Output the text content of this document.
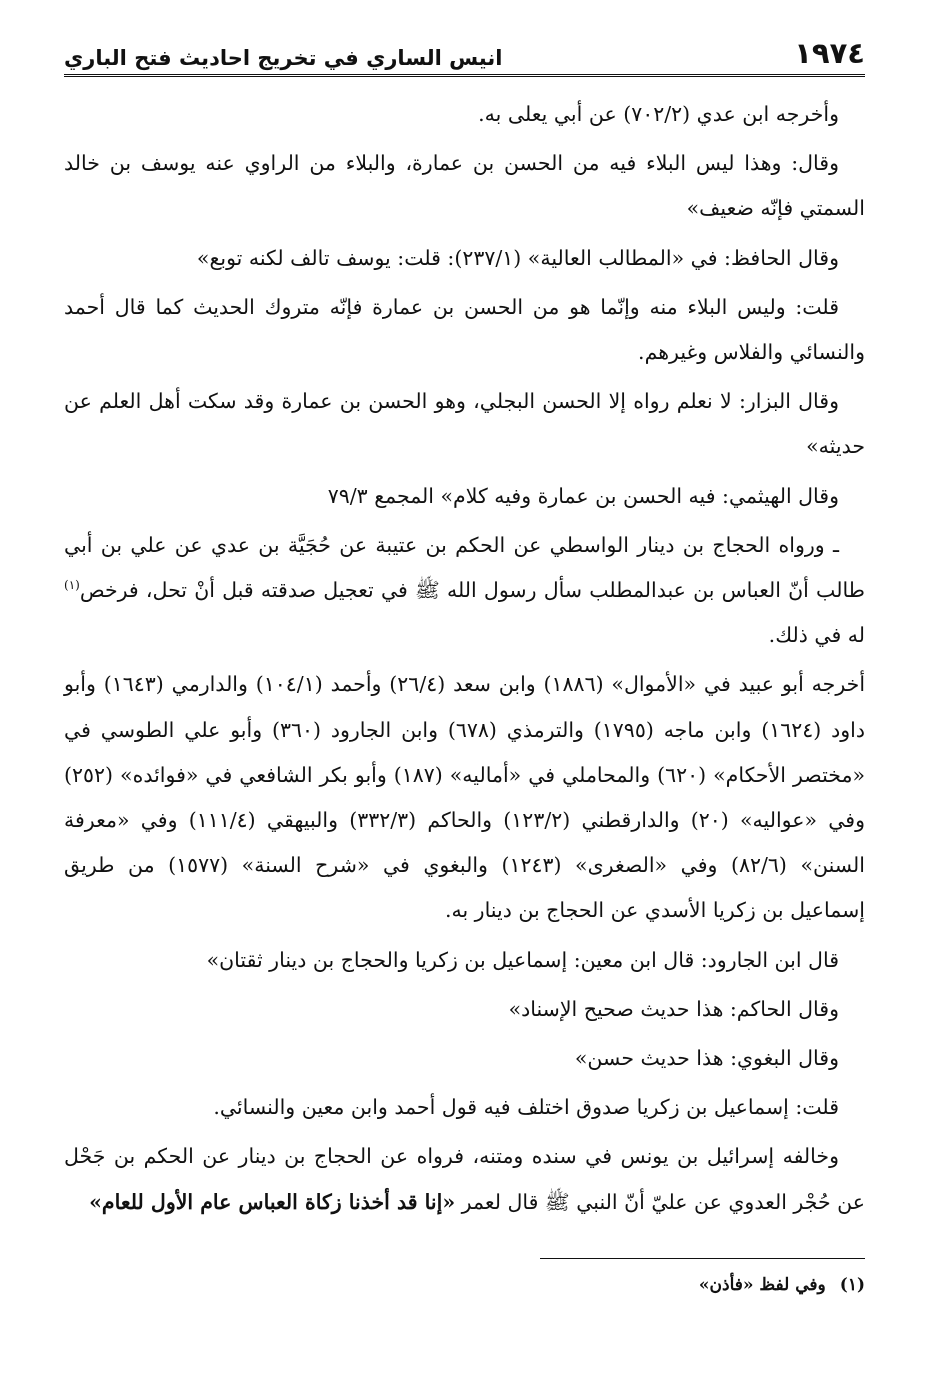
١٩٧٤
انيس الساري في تخريج احاديث فتح الباري

وأخرجه ابن عدي (٧٠٢/٢) عن أبي يعلى به.

وقال: وهذا ليس البلاء فيه من الحسن بن عمارة، والبلاء من الراوي عنه يوسف بن خالد السمتي فإنّه ضعيف»

وقال الحافظ: في «المطالب العالية» (٢٣٧/١): قلت: يوسف تالف لكنه توبع»

قلت: وليس البلاء منه وإنّما هو من الحسن بن عمارة فإنّه متروك الحديث كما قال أحمد والنسائي والفلاس وغيرهم.

وقال البزار: لا نعلم رواه إلا الحسن البجلي، وهو الحسن بن عمارة وقد سكت أهل العلم عن حديثه»

وقال الهيثمي: فيه الحسن بن عمارة وفيه كلام» المجمع ٧٩/٣

ـ ورواه الحجاج بن دينار الواسطي عن الحكم بن عتيبة عن حُجَيَّة بن عدي عن علي بن أبي طالب أنّ العباس بن عبدالمطلب سأل رسول الله ﷺ في تعجيل صدقته قبل أنْ تحل، فرخص$^{(١)}$ له في ذلك.

أخرجه أبو عبيد في «الأموال» (١٨٨٦) وابن سعد (٢٦/٤) وأحمد (١٠٤/١) والدارمي (١٦٤٣) وأبو داود (١٦٢٤) وابن ماجه (١٧٩٥) والترمذي (٦٧٨) وابن الجارود (٣٦٠) وأبو علي الطوسي في «مختصر الأحكام» (٦٢٠) والمحاملي في «أماليه» (١٨٧) وأبو بكر الشافعي في «فوائده» (٢٥٢) وفي «عواليه» (٢٠) والدارقطني (١٢٣/٢) والحاكم (٣٣٢/٣) والبيهقي (١١١/٤) وفي «معرفة السنن» (٨٢/٦) وفي «الصغرى» (١٢٤٣) والبغوي في «شرح السنة» (١٥٧٧) من طريق إسماعيل بن زكريا الأسدي عن الحجاج بن دينار به.

قال ابن الجارود: قال ابن معين: إسماعيل بن زكريا والحجاج بن دينار ثقتان»

وقال الحاكم: هذا حديث صحيح الإسناد»

وقال البغوي: هذا حديث حسن»

قلت: إسماعيل بن زكريا صدوق اختلف فيه قول أحمد وابن معين والنسائي.

وخالفه إسرائيل بن يونس في سنده ومتنه، فرواه عن الحجاج بن دينار عن الحكم بن جَحْل عن حُجْر العدوي عن عليّ أنّ النبي ﷺ قال لعمر «إنا قد أخذنا زكاة العباس عام الأول للعام»

(١)وفي لفظ «فأذن»
